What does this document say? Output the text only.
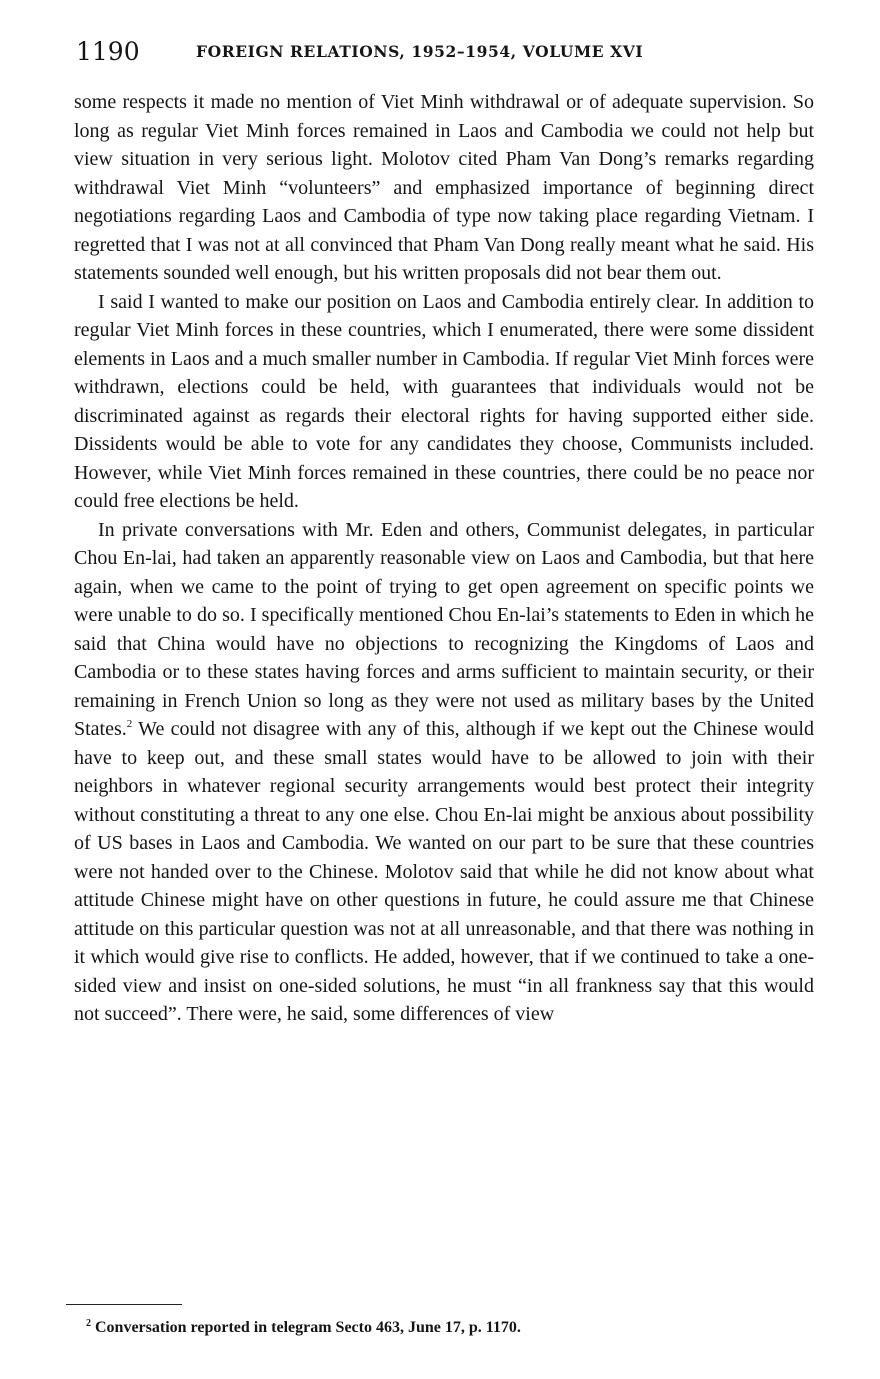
1190	FOREIGN RELATIONS, 1952–1954, VOLUME XVI

some respects it made no mention of Viet Minh withdrawal or of adequate supervision. So long as regular Viet Minh forces remained in Laos and Cambodia we could not help but view situation in very serious light. Molotov cited Pham Van Dong’s remarks regarding withdrawal Viet Minh “volunteers” and emphasized importance of beginning direct negotiations regarding Laos and Cambodia of type now taking place regarding Vietnam. I regretted that I was not at all convinced that Pham Van Dong really meant what he said. His statements sounded well enough, but his written proposals did not bear them out.

I said I wanted to make our position on Laos and Cambodia entirely clear. In addition to regular Viet Minh forces in these countries, which I enumerated, there were some dissident elements in Laos and a much smaller number in Cambodia. If regular Viet Minh forces were withdrawn, elections could be held, with guarantees that individuals would not be discriminated against as regards their electoral rights for having supported either side. Dissidents would be able to vote for any candidates they choose, Communists included. However, while Viet Minh forces remained in these countries, there could be no peace nor could free elections be held.

In private conversations with Mr. Eden and others, Communist delegates, in particular Chou En-lai, had taken an apparently reasonable view on Laos and Cambodia, but that here again, when we came to the point of trying to get open agreement on specific points we were unable to do so. I specifically mentioned Chou En-lai’s statements to Eden in which he said that China would have no objections to recognizing the Kingdoms of Laos and Cambodia or to these states having forces and arms sufficient to maintain security, or their remaining in French Union so long as they were not used as military bases by the United States.$^2$ We could not disagree with any of this, although if we kept out the Chinese would have to keep out, and these small states would have to be allowed to join with their neighbors in whatever regional security arrangements would best protect their integrity without constituting a threat to any one else. Chou En-lai might be anxious about possibility of US bases in Laos and Cambodia. We wanted on our part to be sure that these countries were not handed over to the Chinese. Molotov said that while he did not know about what attitude Chinese might have on other questions in future, he could assure me that Chinese attitude on this particular question was not at all unreasonable, and that there was nothing in it which would give rise to conflicts. He added, however, that if we continued to take a one-sided view and insist on one-sided solutions, he must “in all frankness say that this would not succeed”. There were, he said, some differences of view

$^2$ Conversation reported in telegram Secto 463, June 17, p. 1170.
